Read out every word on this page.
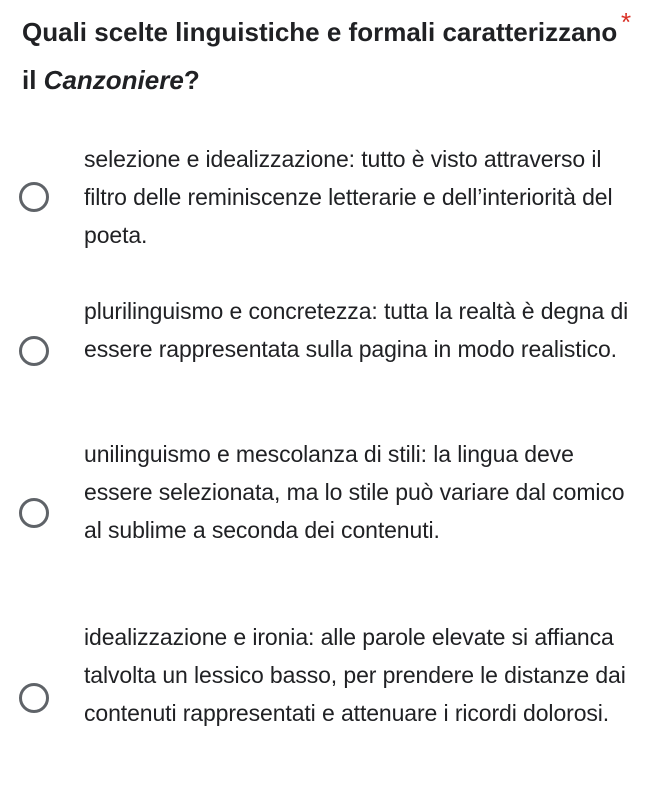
Quali scelte linguistiche e formali caratterizzano il Canzoniere?
*
selezione e idealizzazione: tutto è visto attraverso il filtro delle reminiscenze letterarie e dell’interiorità del poeta.
plurilinguismo e concretezza: tutta la realtà è degna di essere rappresentata sulla pagina in modo realistico.
unilinguismo e mescolanza di stili: la lingua deve essere selezionata, ma lo stile può variare dal comico al sublime a seconda dei contenuti.
idealizzazione e ironia: alle parole elevate si affianca talvolta un lessico basso, per prendere le distanze dai contenuti rappresentati e attenuare i ricordi dolorosi.
